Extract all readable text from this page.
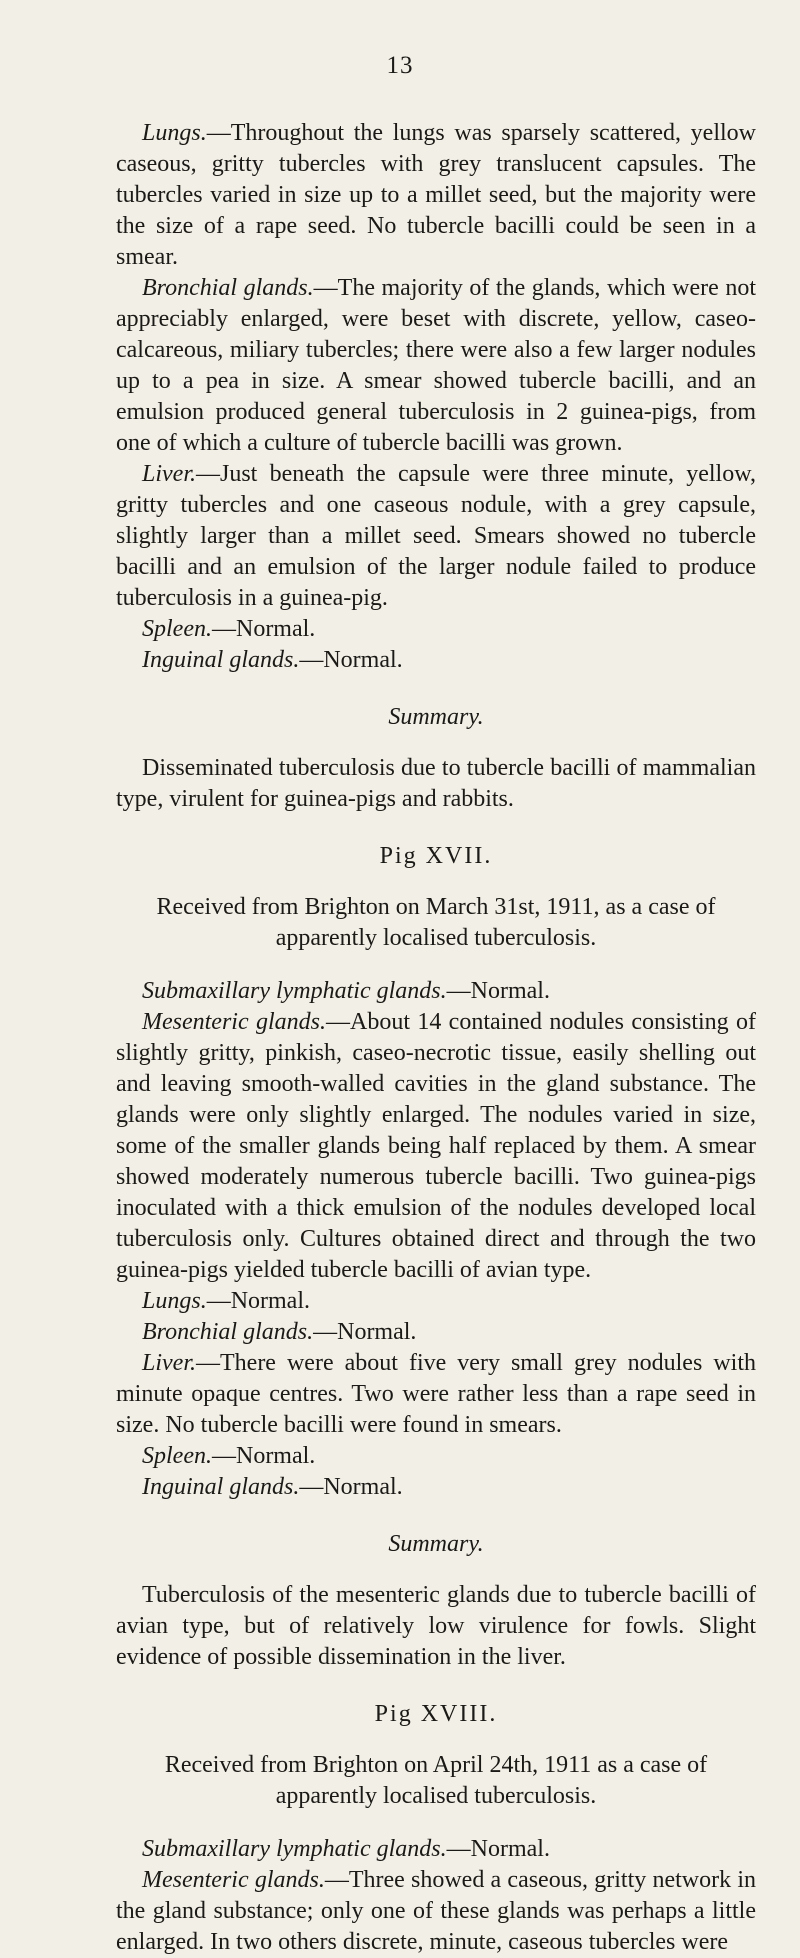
13

Lungs.—Throughout the lungs was sparsely scattered, yellow caseous, gritty tubercles with grey translucent capsules. The tubercles varied in size up to a millet seed, but the majority were the size of a rape seed. No tubercle bacilli could be seen in a smear.

Bronchial glands.—The majority of the glands, which were not appreciably enlarged, were beset with discrete, yellow, caseo-calcareous, miliary tubercles; there were also a few larger nodules up to a pea in size. A smear showed tubercle bacilli, and an emulsion produced general tuberculosis in 2 guinea-pigs, from one of which a culture of tubercle bacilli was grown.

Liver.—Just beneath the capsule were three minute, yellow, gritty tubercles and one caseous nodule, with a grey capsule, slightly larger than a millet seed. Smears showed no tubercle bacilli and an emulsion of the larger nodule failed to produce tuberculosis in a guinea-pig.

Spleen.—Normal.

Inguinal glands.—Normal.

Summary.

Disseminated tuberculosis due to tubercle bacilli of mammalian type, virulent for guinea-pigs and rabbits.

Pig XVII.

Received from Brighton on March 31st, 1911, as a case of apparently localised tuberculosis.

Submaxillary lymphatic glands.—Normal.

Mesenteric glands.—About 14 contained nodules consisting of slightly gritty, pinkish, caseo-necrotic tissue, easily shelling out and leaving smooth-walled cavities in the gland substance. The glands were only slightly enlarged. The nodules varied in size, some of the smaller glands being half replaced by them. A smear showed moderately numerous tubercle bacilli. Two guinea-pigs inoculated with a thick emulsion of the nodules developed local tuberculosis only. Cultures obtained direct and through the two guinea-pigs yielded tubercle bacilli of avian type.

Lungs.—Normal.

Bronchial glands.—Normal.

Liver.—There were about five very small grey nodules with minute opaque centres. Two were rather less than a rape seed in size. No tubercle bacilli were found in smears.

Spleen.—Normal.

Inguinal glands.—Normal.

Summary.

Tuberculosis of the mesenteric glands due to tubercle bacilli of avian type, but of relatively low virulence for fowls. Slight evidence of possible dissemination in the liver.

Pig XVIII.

Received from Brighton on April 24th, 1911 as a case of apparently localised tuberculosis.

Submaxillary lymphatic glands.—Normal.

Mesenteric glands.—Three showed a caseous, gritty network in the gland substance; only one of these glands was perhaps a little enlarged. In two others discrete, minute, caseous tubercles were
